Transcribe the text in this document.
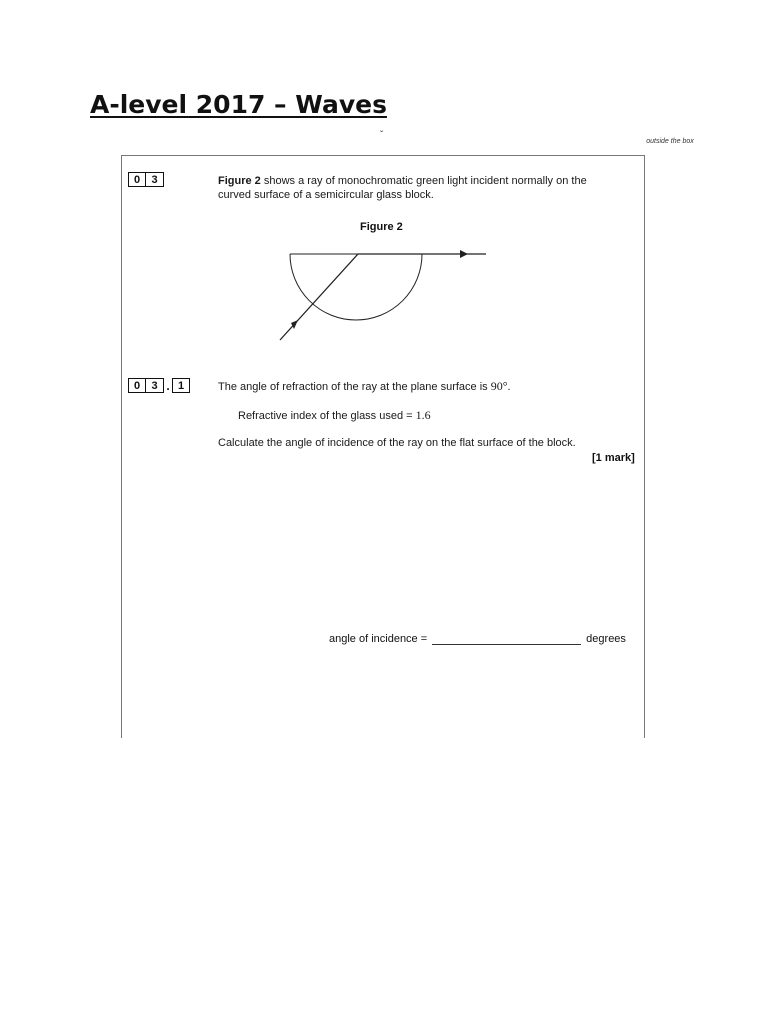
A-level 2017 – Waves
ˇ
outside the box
0	3	Figure 2 shows a ray of monochromatic green light incident normally on the curved surface of a semicircular glass block.
Figure 2
0	3 . 1	The angle of refraction of the ray at the plane surface is 90°.
Refractive index of the glass used = 1.6
Calculate the angle of incidence of the ray on the flat surface of the block.
[1 mark]
angle of incidence =	degrees
